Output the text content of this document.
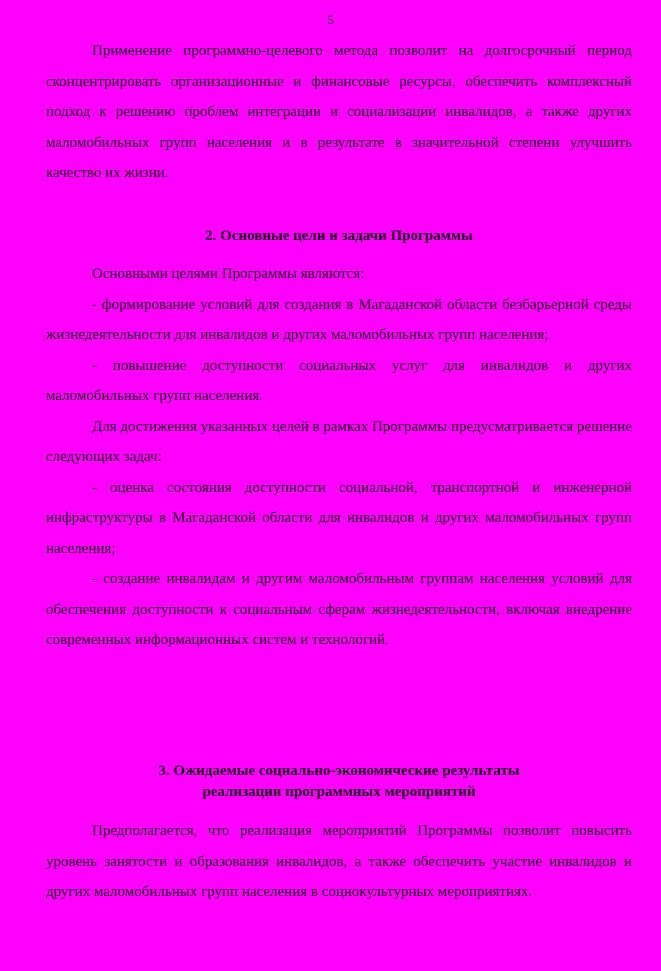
5

Применение программно-целевого метода позволит на долгосрочный период сконцентрировать организационные и финансовые ресурсы, обеспечить комплексный подход к решению проблем интеграции и социализации инвалидов, а также других маломобильных групп населения и в результате в значительной степени улучшить качество их жизни.

2. Основные цели и задачи Программы

Основными целями Программы являются:

- формирование условий для создания в Магаданской области безбарьерной среды жизнедеятельности для инвалидов и других маломобильных групп населения;

- повышение доступности социальных услуг для инвалидов и других маломобильных групп населения.

Для достижения указанных целей в рамках Программы предусматривается решение следующих задач:

- оценка состояния доступности социальной, транспортной и инженерной инфраструктуры в Магаданской области для инвалидов и других маломобильных групп населения;

- создание инвалидам и другим маломобильным группам населения условий для обеспечения доступности к социальным сферам жизнедеятельности, включая внедрение современных информационных систем и технологий.

3. Ожидаемые социально-экономические результаты

реализации программных мероприятий

Предполагается, что реализация мероприятий Программы позволит повысить уровень занятости и образования инвалидов, а также обеспечить участие инвалидов и других маломобильных групп населения в социокультурных мероприятиях.
